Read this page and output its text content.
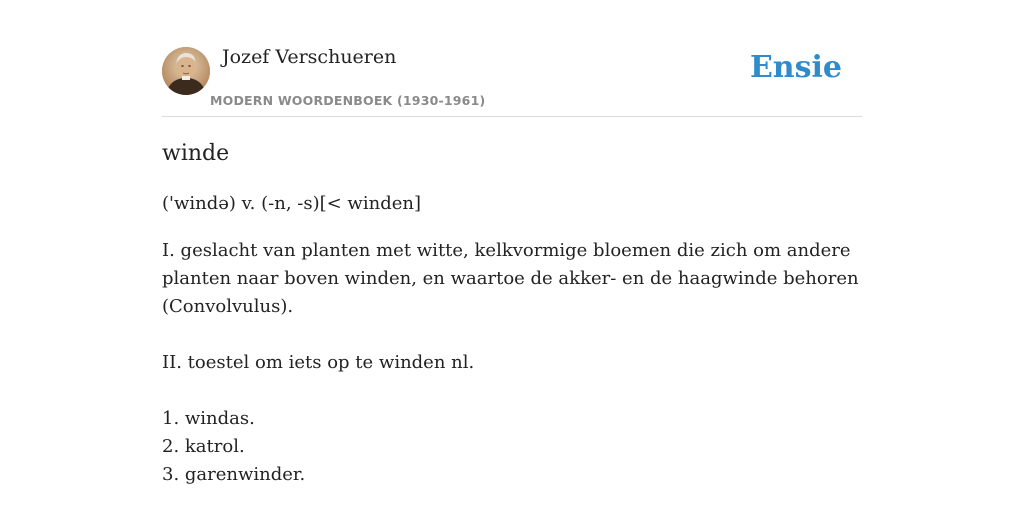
Jozef Verschueren
MODERN WOORDENBOEK (1930-1961)
Ensie
winde

('wində) v. (-n, -s)[< winden]

I. geslacht van planten met witte, kelkvormige bloemen die zich om andere
planten naar boven winden, en waartoe de akker- en de haagwinde behoren
(Convolvulus).
II. toestel om iets op te winden nl.
1. windas.
2. katrol.
3. garenwinder.
